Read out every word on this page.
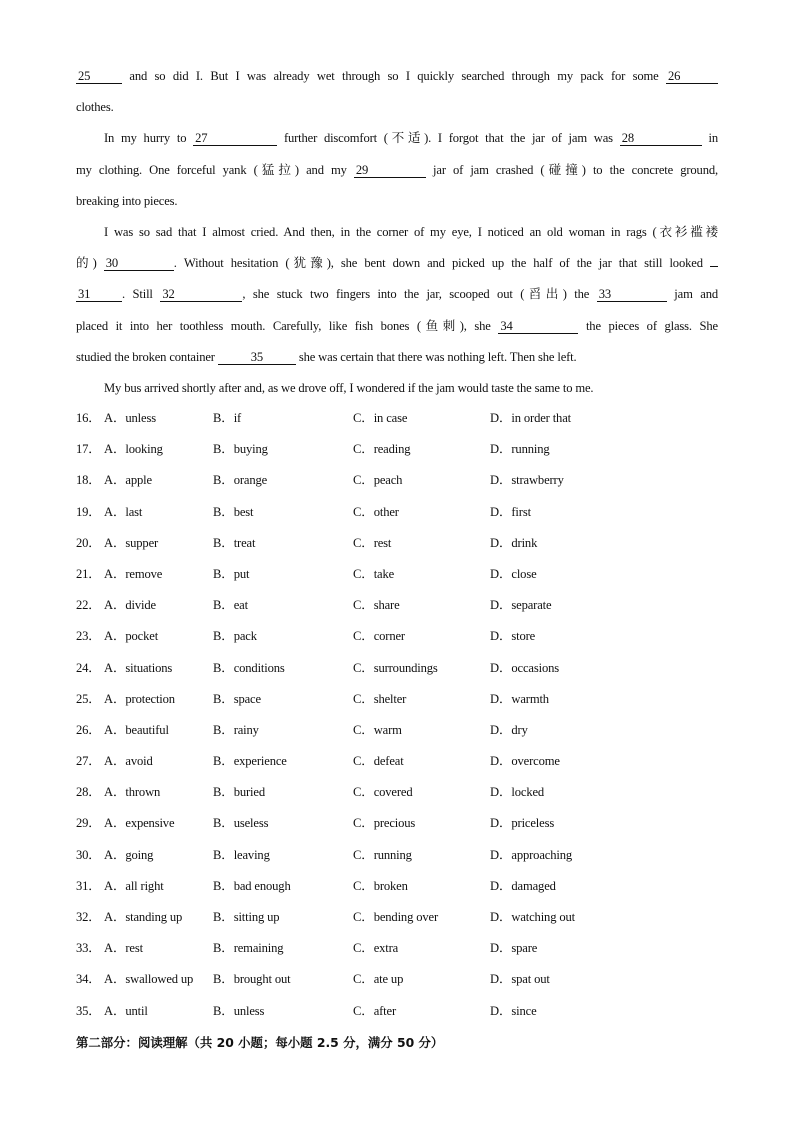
25	and so did I. But I was already wet through so I quickly searched through my pack for some 26
clothes.
In my hurry to 27	further discomfort (不适). I forgot that the jar of jam was 28	in
my clothing. One forceful yank (猛拉) and my 29	jar of jam crashed (碰撞) to the concrete ground,
breaking into pieces.
I was so sad that I almost cried. And then, in the corner of my eye, I noticed an old woman in rags (衣衫褴褛
的) 30	. Without hesitation (犹豫), she bent down and picked up the half of the jar that still looked
31	. Still 32	, she stuck two fingers into the jar, scooped out (舀出) the 33	jam and
placed it into her toothless mouth. Carefully, like fish bones (鱼刺), she 34	the pieces of glass. She
studied the broken container	35	she was certain that there was nothing left. Then she left.
My bus arrived shortly after and, as we drove off, I wondered if the jam would taste the same to me.
16． A．unless	B．if	C．in case	D．in order that
17． A．looking	B．buying	C．reading	D．running
18． A．apple	B．orange	C．peach	D．strawberry
19． A．last	B．best	C．other	D．first
20． A．supper	B．treat	C．rest	D．drink
21． A．remove	B．put	C．take	D．close
22． A．divide	B．eat	C．share	D．separate
23． A．pocket	B．pack	C．corner	D．store
24． A．situations	B．conditions	C．surroundings	D．occasions
25． A．protection	B．space	C．shelter	D．warmth
26． A．beautiful	B．rainy	C．warm	D．dry
27． A．avoid	B．experience	C．defeat	D．overcome
28． A．thrown	B．buried	C．covered	D．locked
29． A．expensive	B．useless	C．precious	D．priceless
30． A．going	B．leaving	C．running	D．approaching
31． A．all right	B．bad enough	C．broken	D．damaged
32． A．standing up B．sitting up	C．bending over	D．watching out
33． A．rest	B．remaining	C．extra	D．spare
34． A．swallowed up B．brought out	C．ate up	D．spat out
35． A．until	B．unless	C．after	D．since
第二部分：阅读理解（共 20 小题；每小题 2.5 分，满分 50 分）
